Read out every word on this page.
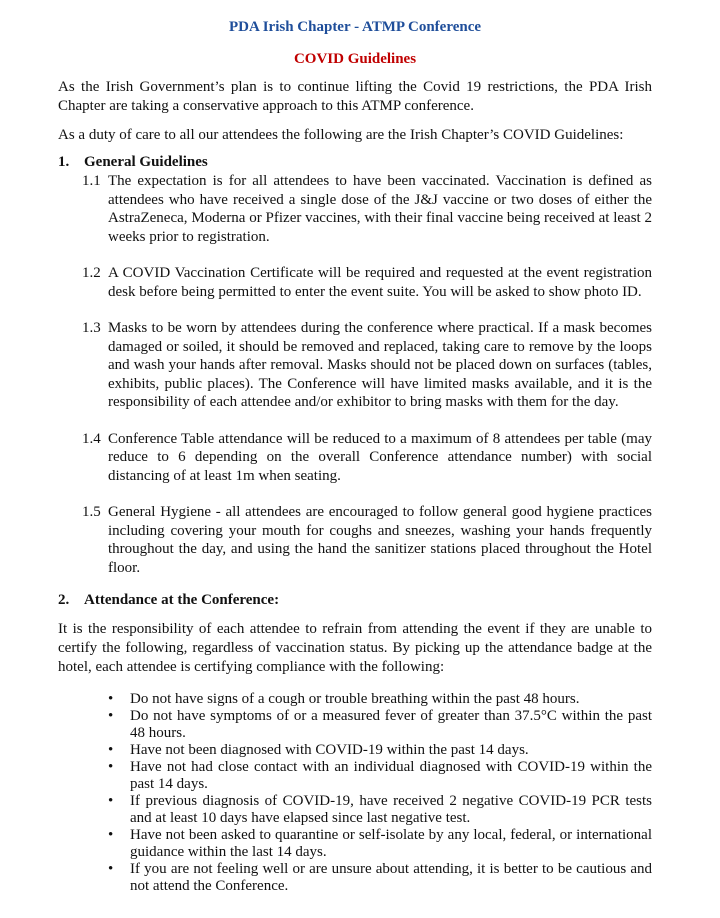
PDA Irish Chapter - ATMP Conference
COVID Guidelines

As the Irish Government’s plan is to continue lifting the Covid 19 restrictions, the PDA Irish Chapter are taking a conservative approach to this ATMP conference.

As a duty of care to all our attendees the following are the Irish Chapter’s COVID Guidelines:

1. General Guidelines
1.1 The expectation is for all attendees to have been vaccinated. Vaccination is defined as attendees who have received a single dose of the J&J vaccine or two doses of either the AstraZeneca, Moderna or Pfizer vaccines, with their final vaccine being received at least 2 weeks prior to registration.
1.2 A COVID Vaccination Certificate will be required and requested at the event registration desk before being permitted to enter the event suite. You will be asked to show photo ID.
1.3 Masks to be worn by attendees during the conference where practical. If a mask becomes damaged or soiled, it should be removed and replaced, taking care to remove by the loops and wash your hands after removal. Masks should not be placed down on surfaces (tables, exhibits, public places). The Conference will have limited masks available, and it is the responsibility of each attendee and/or exhibitor to bring masks with them for the day.
1.4 Conference Table attendance will be reduced to a maximum of 8 attendees per table (may reduce to 6 depending on the overall Conference attendance number) with social distancing of at least 1m when seating.
1.5 General Hygiene - all attendees are encouraged to follow general good hygiene practices including covering your mouth for coughs and sneezes, washing your hands frequently throughout the day, and using the hand the sanitizer stations placed throughout the Hotel floor.
2. Attendance at the Conference:

It is the responsibility of each attendee to refrain from attending the event if they are unable to certify the following, regardless of vaccination status. By picking up the attendance badge at the hotel, each attendee is certifying compliance with the following:

•	Do not have signs of a cough or trouble breathing within the past 48 hours.
•	Do not have symptoms of or a measured fever of greater than 37.5°C within the past 48 hours.
•	Have not been diagnosed with COVID-19 within the past 14 days.
•	Have not had close contact with an individual diagnosed with COVID-19 within the past 14 days.
•	If previous diagnosis of COVID-19, have received 2 negative COVID-19 PCR tests and at least 10 days have elapsed since last negative test.
•	Have not been asked to quarantine or self-isolate by any local, federal, or international guidance within the last 14 days.
•	If you are not feeling well or are unsure about attending, it is better to be cautious and not attend the Conference.
